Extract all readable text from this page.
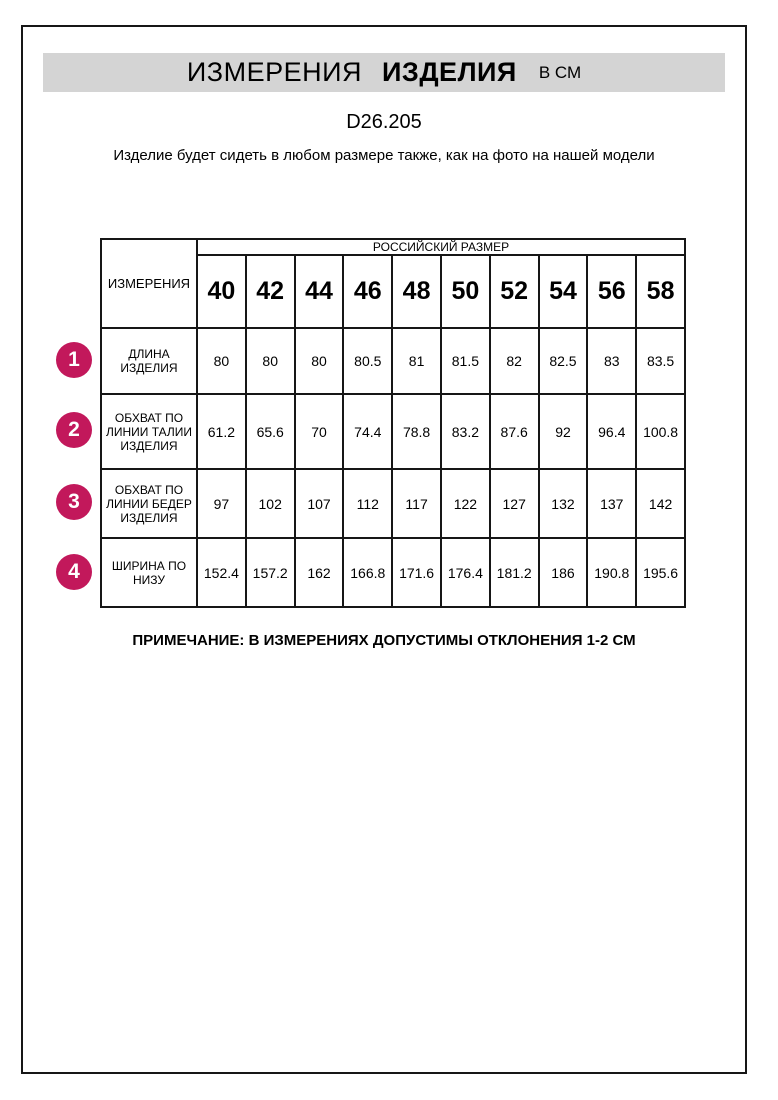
ИЗМЕРЕНИЯ ИЗДЕЛИЯ В СМ
D26.205
Изделие будет сидеть в любом размере также, как на фото на нашей модели
1
2
3
4
ИЗМЕРЕНИЯ	РОССИЙСКИЙ РАЗМЕР									
	40	42	44	46	48	50	52	54	56	58
ДЛИНА ИЗДЕЛИЯ	80	80	80	80.5	81	81.5	82	82.5	83	83.5
ОБХВАТ ПО ЛИНИИ ТАЛИИ ИЗДЕЛИЯ	61.2	65.6	70	74.4	78.8	83.2	87.6	92	96.4	100.8
ОБХВАТ ПО ЛИНИИ БЕДЕР ИЗДЕЛИЯ	97	102	107	112	117	122	127	132	137	142
ШИРИНА ПО НИЗУ	152.4	157.2	162	166.8	171.6	176.4	181.2	186	190.8	195.6
ПРИМЕЧАНИЕ: В ИЗМЕРЕНИЯХ ДОПУСТИМЫ ОТКЛОНЕНИЯ 1-2 СМ
